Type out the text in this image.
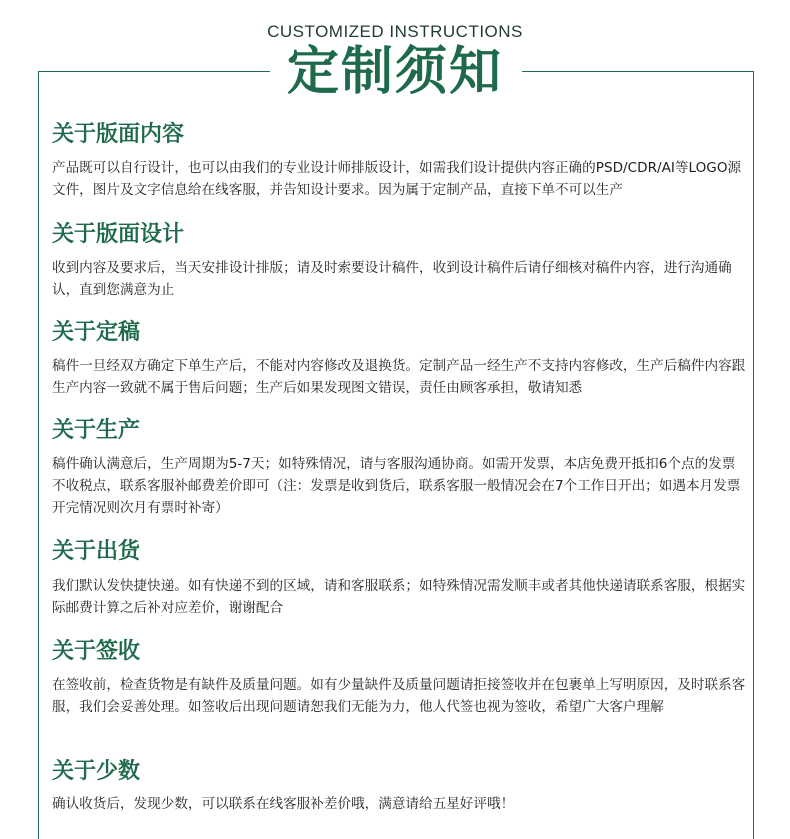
CUSTOMIZED INSTRUCTIONS
定制须知
关于版面内容
产品既可以自行设计，也可以由我们的专业设计师排版设计，如需我们设计提供内容正确的PSD/CDR/AI等LOGO源文件，图片及文字信息给在线客服，并告知设计要求。因为属于定制产品，直接下单不可以生产
关于版面设计
收到内容及要求后，当天安排设计排版；请及时索要设计稿件，收到设计稿件后请仔细核对稿件内容，进行沟通确认，直到您满意为止
关于定稿
稿件一旦经双方确定下单生产后，不能对内容修改及退换货。定制产品一经生产不支持内容修改，生产后稿件内容跟生产内容一致就不属于售后问题；生产后如果发现图文错误，责任由顾客承担，敬请知悉
关于生产
稿件确认满意后，生产周期为5-7天；如特殊情况，请与客服沟通协商。如需开发票，本店免费开抵扣6个点的发票不收税点，联系客服补邮费差价即可（注：发票是收到货后，联系客服一般情况会在7个工作日开出；如遇本月发票开完情况则次月有票时补寄）
关于出货
我们默认发快捷快递。如有快递不到的区域，请和客服联系；如特殊情况需发顺丰或者其他快递请联系客服，根据实际邮费计算之后补对应差价，谢谢配合
关于签收
在签收前，检查货物是有缺件及质量问题。如有少量缺件及质量问题请拒接签收并在包裹单上写明原因，及时联系客服，我们会妥善处理。如签收后出现问题请恕我们无能为力，他人代签也视为签收，希望广大客户理解
关于少数
确认收货后，发现少数，可以联系在线客服补差价哦，满意请给五星好评哦！
